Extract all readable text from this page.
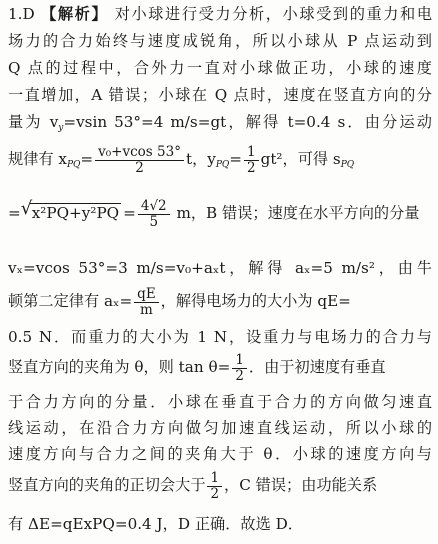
1.D 【解析】 对小球进行受力分析，小球受到的重力和电
场力的合力始终与速度成锐角，所以小球从 P 点运动到
Q 点的过程中，合外力一直对小球做正功，小球的速度
一直增加，A 错误；小球在 Q 点时，速度在竖直方向的分
量为 $v_y=vsin$ 53°=4 m/s=gt，解得 t=0.4 s．由分运动
规律有 $x_{PQ}= \frac{\text{v₀+vcos 53°}}{2}$ t，$y_{PQ}= \frac{1}{2} gt^2$，可得 $s_{PQ}$
= √ $x^2PQ+y^2PQ = \frac{4√2}{5}$ m，B 错误；速度在水平方向的分量
vₓ=vcos 53°=3 m/s=v₀+aₓt，解得 aₓ=5 m/s²，由牛
顿第二定律有 $a_x= \frac{qE}{m}$ ，解得电场力的大小为 qE=
0.5 N．而重力的大小为 1 N，设重力与电场力的合力与
竖直方向的夹角为 θ，则 $\tan \theta= \frac{1}{2}$ ．由于初速度有垂直
于合力方向的分量．小球在垂直于合力的方向做匀速直
线运动，在沿合力方向做匀加速直线运动，所以小球的
速度方向与合力之间的夹角大于 θ．小球的速度方向与
竖直方向的夹角的正切会大于 $\frac{1}{2}$ ，C 错误；由功能关系
有 ΔE=qExPQ=0.4 J，D 正确．故选 D．
